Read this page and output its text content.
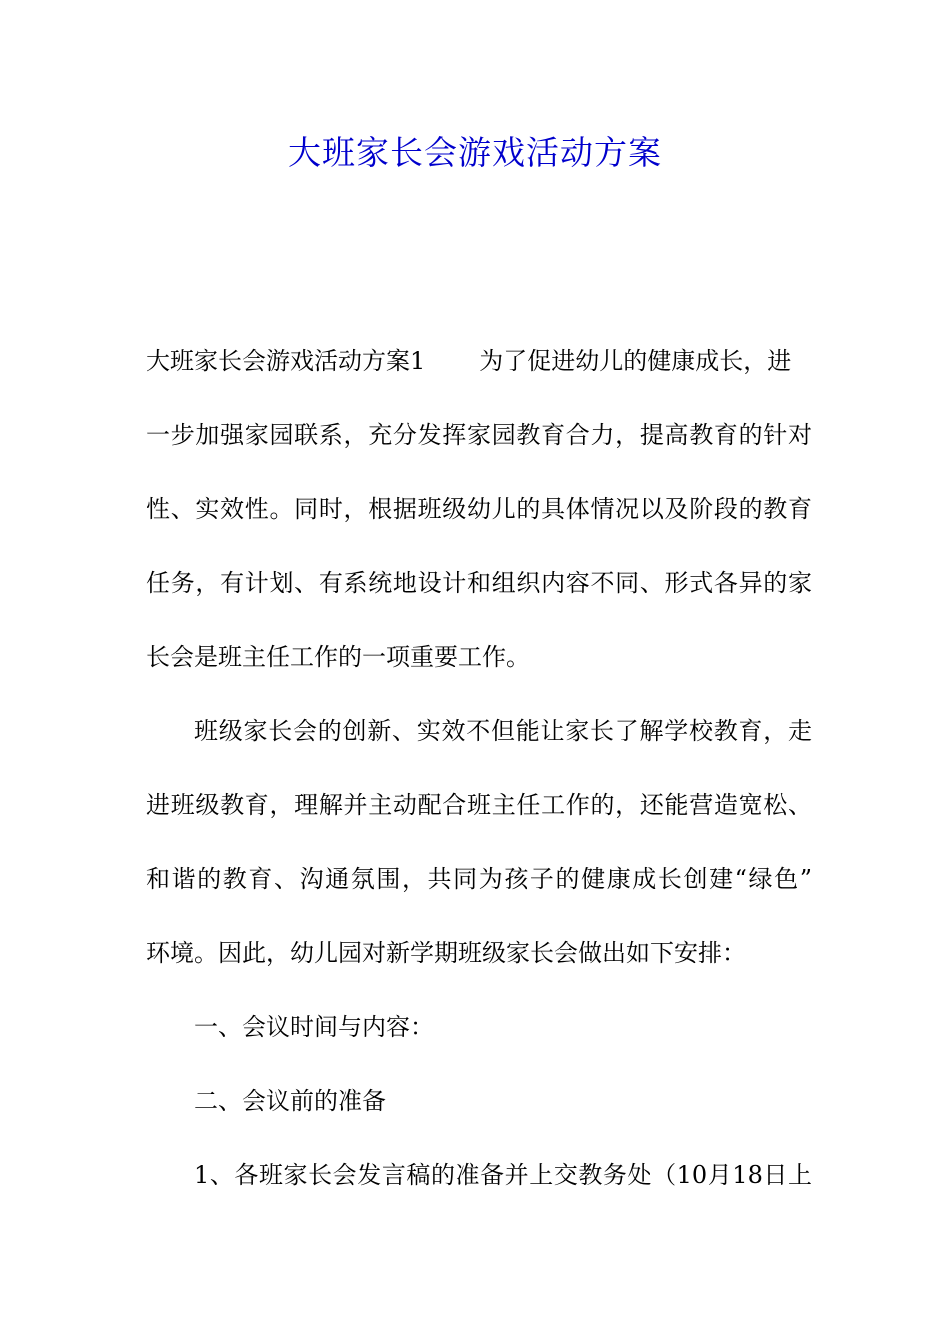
大班家长会游戏活动方案
大班家长会游戏活动方案1 为了促进幼儿的健康成长，进
一步加强家园联系，充分发挥家园教育合力，提高教育的针对
性、实效性。同时，根据班级幼儿的具体情况以及阶段的教育
任务，有计划、有系统地设计和组织内容不同、形式各异的家
长会是班主任工作的一项重要工作。
班级家长会的创新、实效不但能让家长了解学校教育，走
进班级教育，理解并主动配合班主任工作的，还能营造宽松、
和谐的教育、沟通氛围，共同为孩子的健康成长创建“绿色”
环境。因此，幼儿园对新学期班级家长会做出如下安排：
一、会议时间与内容：
二、会议前的准备
1、各班家长会发言稿的准备并上交教务处（10月18日上
